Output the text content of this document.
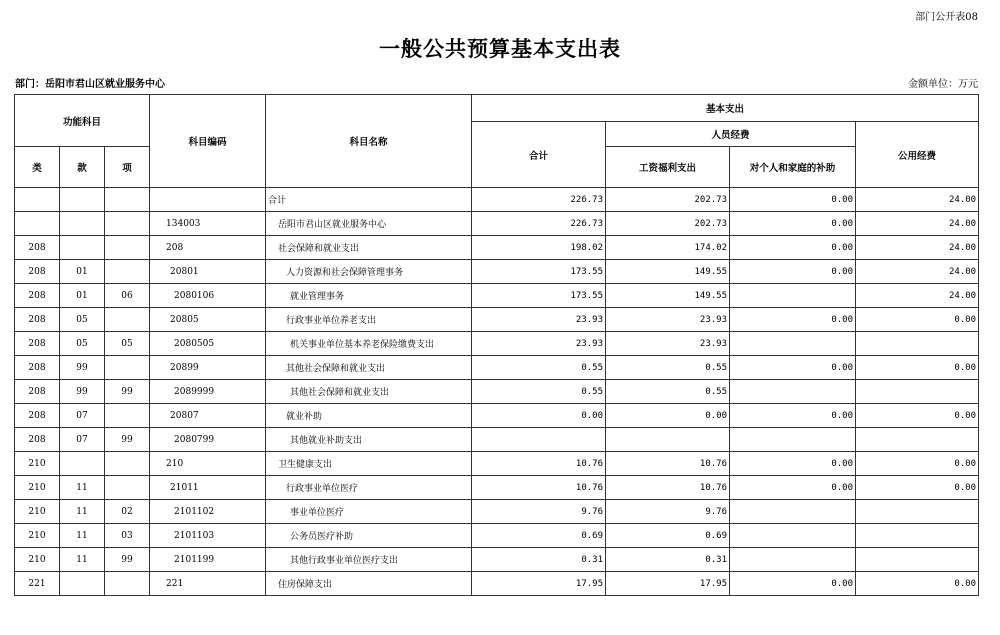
部门公开表08
一般公共预算基本支出表
部门：岳阳市君山区就业服务中心	金额单位：万元
功能科目			科目编码	科目名称	基本支出			
					合计	人员经费		公用经费
类	款	项				工资福利支出	对个人和家庭的补助	
				合计	226.73	202.73	0.00	24.00
			134003	岳阳市君山区就业服务中心	226.73	202.73	0.00	24.00
208			208	社会保障和就业支出	198.02	174.02	0.00	24.00
208	01		20801	人力资源和社会保障管理事务	173.55	149.55	0.00	24.00
208	01	06	2080106	就业管理事务	173.55	149.55		24.00
208	05		20805	行政事业单位养老支出	23.93	23.93	0.00	0.00
208	05	05	2080505	机关事业单位基本养老保险缴费支出	23.93	23.93		
208	99		20899	其他社会保障和就业支出	0.55	0.55	0.00	0.00
208	99	99	2089999	其他社会保障和就业支出	0.55	0.55		
208	07		20807	就业补助	0.00	0.00	0.00	0.00
208	07	99	2080799	其他就业补助支出				
210			210	卫生健康支出	10.76	10.76	0.00	0.00
210	11		21011	行政事业单位医疗	10.76	10.76	0.00	0.00
210	11	02	2101102	事业单位医疗	9.76	9.76		
210	11	03	2101103	公务员医疗补助	0.69	0.69		
210	11	99	2101199	其他行政事业单位医疗支出	0.31	0.31		
221			221	住房保障支出	17.95	17.95	0.00	0.00
